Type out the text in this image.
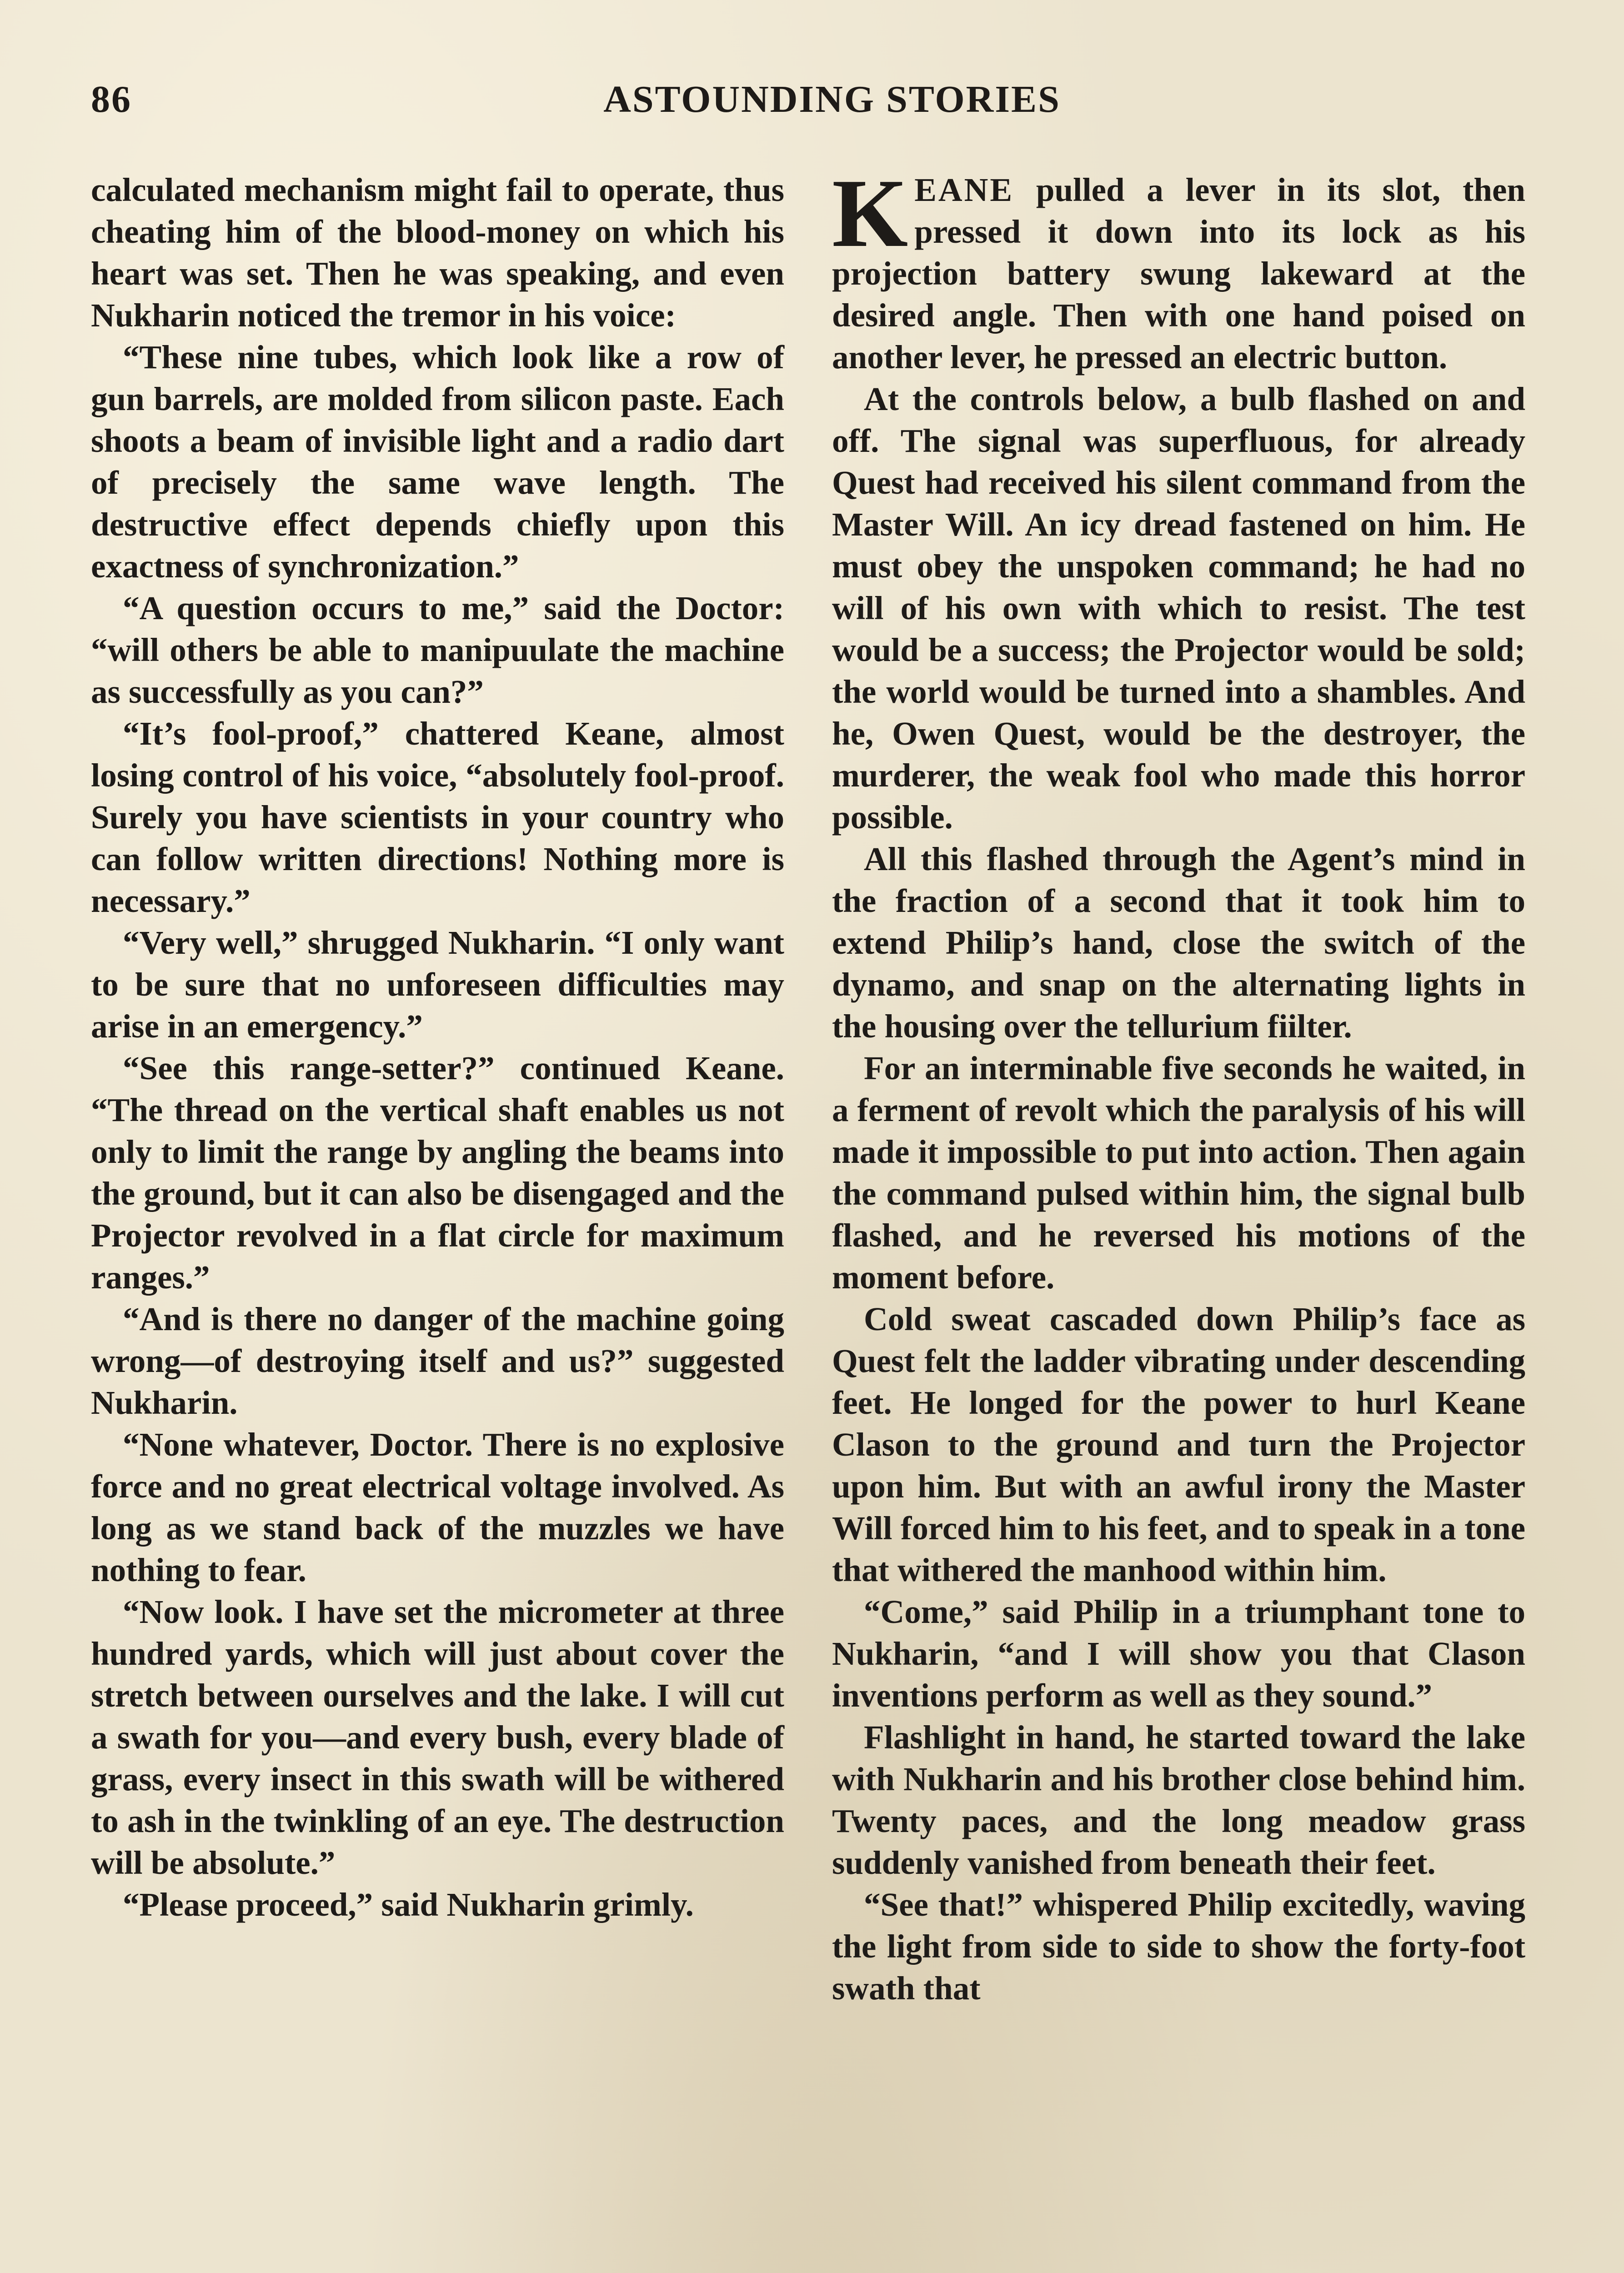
86	ASTOUNDING STORIES

calculated mechanism might fail to operate, thus cheating him of the blood-money on which his heart was set. Then he was speaking, and even Nukharin noticed the tremor in his voice:

“These nine tubes, which look like a row of gun barrels, are molded from silicon paste. Each shoots a beam of invisible light and a radio dart of precisely the same wave length. The destructive effect depends chiefly upon this exactness of synchronization.”

“A question occurs to me,” said the Doctor: “will others be able to manipuulate the machine as successfully as you can?”

“It’s fool-proof,” chattered Keane, almost losing control of his voice, “absolutely fool-proof. Surely you have scientists in your country who can follow written directions! Nothing more is necessary.”

“Very well,” shrugged Nukharin. “I only want to be sure that no unforeseen difficulties may arise in an emergency.”

“See this range-setter?” continued Keane. “The thread on the vertical shaft enables us not only to limit the range by angling the beams into the ground, but it can also be disengaged and the Projector revolved in a flat circle for maximum ranges.”

“And is there no danger of the machine going wrong—of destroying itself and us?” suggested Nukharin.

“None whatever, Doctor. There is no explosive force and no great electrical voltage involved. As long as we stand back of the muzzles we have nothing to fear.

“Now look. I have set the micrometer at three hundred yards, which will just about cover the stretch between ourselves and the lake. I will cut a swath for you—and every bush, every blade of grass, every insect in this swath will be withered to ash in the twinkling of an eye. The destruction will be absolute.”

“Please proceed,” said Nukharin grimly.

KEANE pulled a lever in its slot, then pressed it down into its lock as his projection battery swung lakeward at the desired angle. Then with one hand poised on another lever, he pressed an electric button.

At the controls below, a bulb flashed on and off. The signal was superfluous, for already Quest had received his silent command from the Master Will. An icy dread fastened on him. He must obey the unspoken command; he had no will of his own with which to resist. The test would be a success; the Projector would be sold; the world would be turned into a shambles. And he, Owen Quest, would be the destroyer, the murderer, the weak fool who made this horror possible.

All this flashed through the Agent’s mind in the fraction of a second that it took him to extend Philip’s hand, close the switch of the dynamo, and snap on the alternating lights in the housing over the tellurium fiilter.

For an interminable five seconds he waited, in a ferment of revolt which the paralysis of his will made it impossible to put into action. Then again the command pulsed within him, the signal bulb flashed, and he reversed his motions of the moment before.

Cold sweat cascaded down Philip’s face as Quest felt the ladder vibrating under descending feet. He longed for the power to hurl Keane Clason to the ground and turn the Projector upon him. But with an awful irony the Master Will forced him to his feet, and to speak in a tone that withered the manhood within him.

“Come,” said Philip in a triumphant tone to Nukharin, “and I will show you that Clason inventions perform as well as they sound.”

Flashlight in hand, he started toward the lake with Nukharin and his brother close behind him. Twenty paces, and the long meadow grass suddenly vanished from beneath their feet.

“See that!” whispered Philip excitedly, waving the light from side to side to show the forty-foot swath that
